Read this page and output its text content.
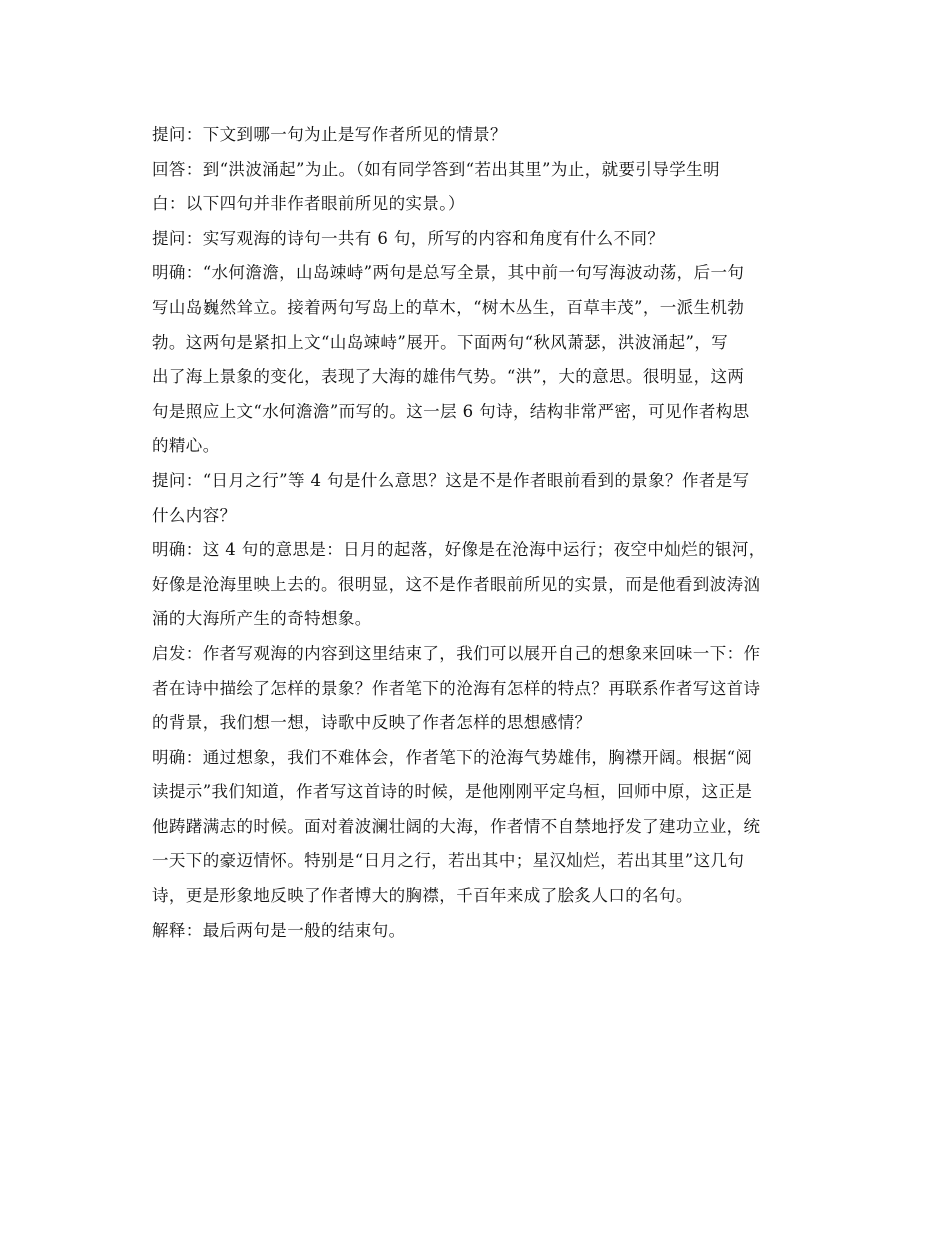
提问：下文到哪一句为止是写作者所见的情景？
回答：到“洪波涌起”为止。（如有同学答到“若出其里”为止，就要引导学生明
白：以下四句并非作者眼前所见的实景。）
提问：实写观海的诗句一共有 6 句，所写的内容和角度有什么不同？
明确：“水何澹澹，山岛竦峙”两句是总写全景，其中前一句写海波动荡，后一句
写山岛巍然耸立。接着两句写岛上的草木，“树木丛生，百草丰茂”，一派生机勃
勃。这两句是紧扣上文“山岛竦峙”展开。下面两句“秋风萧瑟，洪波涌起”，写
出了海上景象的变化，表现了大海的雄伟气势。“洪”，大的意思。很明显，这两
句是照应上文“水何澹澹”而写的。这一层 6 句诗，结构非常严密，可见作者构思
的精心。
提问：“日月之行”等 4 句是什么意思？这是不是作者眼前看到的景象？作者是写
什么内容？
明确：这 4 句的意思是：日月的起落，好像是在沧海中运行；夜空中灿烂的银河，
好像是沧海里映上去的。很明显，这不是作者眼前所见的实景，而是他看到波涛汹
涌的大海所产生的奇特想象。
启发：作者写观海的内容到这里结束了，我们可以展开自己的想象来回味一下：作
者在诗中描绘了怎样的景象？作者笔下的沧海有怎样的特点？再联系作者写这首诗
的背景，我们想一想，诗歌中反映了作者怎样的思想感情？
明确：通过想象，我们不难体会，作者笔下的沧海气势雄伟，胸襟开阔。根据“阅
读提示”我们知道，作者写这首诗的时候，是他刚刚平定乌桓，回师中原，这正是
他踌躇满志的时候。面对着波澜壮阔的大海，作者情不自禁地抒发了建功立业，统
一天下的豪迈情怀。特别是“日月之行，若出其中；星汉灿烂，若出其里”这几句
诗，更是形象地反映了作者博大的胸襟，千百年来成了脍炙人口的名句。
解释：最后两句是一般的结束句。
